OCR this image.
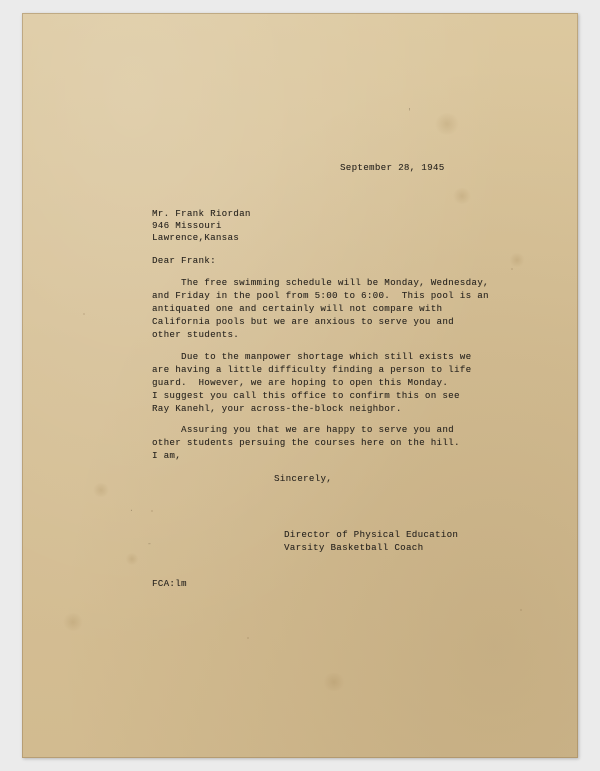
'
.
-
September 28, 1945
Mr. Frank Riordan
946 Missouri
Lawrence,Kansas
Dear Frank:
The free swimming schedule will be Monday, Wednesday,
and Friday in the pool from 5:00 to 6:00.  This pool is an
antiquated one and certainly will not compare with
California pools but we are anxious to serve you and
other students.
Due to the manpower shortage which still exists we
are having a little difficulty finding a person to life
guard.  However, we are hoping to open this Monday.
I suggest you call this office to confirm this on see
Ray Kanehl, your across-the-block neighbor.
Assuring you that we are happy to serve you and
other students persuing the courses here on the hill.
I am,
Sincerely,
Director of Physical Education
Varsity Basketball Coach
FCA:lm
